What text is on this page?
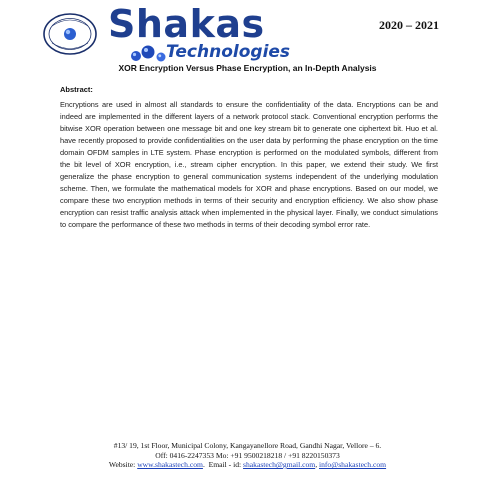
Shakas
Technologies
2020 – 2021
XOR Encryption Versus Phase Encryption, an In-Depth Analysis
Abstract:

Encryptions are used in almost all standards to ensure the confidentiality of the data. Encryptions can be and indeed are implemented in the different layers of a network protocol stack. Conventional encryption performs the bitwise XOR operation between one message bit and one key stream bit to generate one ciphertext bit. Huo et al. have recently proposed to provide confidentialities on the user data by performing the phase encryption on the time domain OFDM samples in LTE system. Phase encryption is performed on the modulated symbols, different from the bit level of XOR encryption, i.e., stream cipher encryption. In this paper, we extend their study. We first generalize the phase encryption to general communication systems independent of the underlying modulation scheme. Then, we formulate the mathematical models for XOR and phase encryptions. Based on our model, we compare these two encryption methods in terms of their security and encryption efficiency. We also show phase encryption can resist traffic analysis attack when implemented in the physical layer. Finally, we conduct simulations to compare the performance of these two methods in terms of their decoding symbol error rate.

#13/ 19, 1st Floor, Municipal Colony, Kangayanellore Road, Gandhi Nagar, Vellore – 6.
Off: 0416-2247353 Mo: +91 9500218218 / +91 8220150373
Website: www.shakastech.com.  Email - id: shakastech@gmail.com, info@shakastech.com
